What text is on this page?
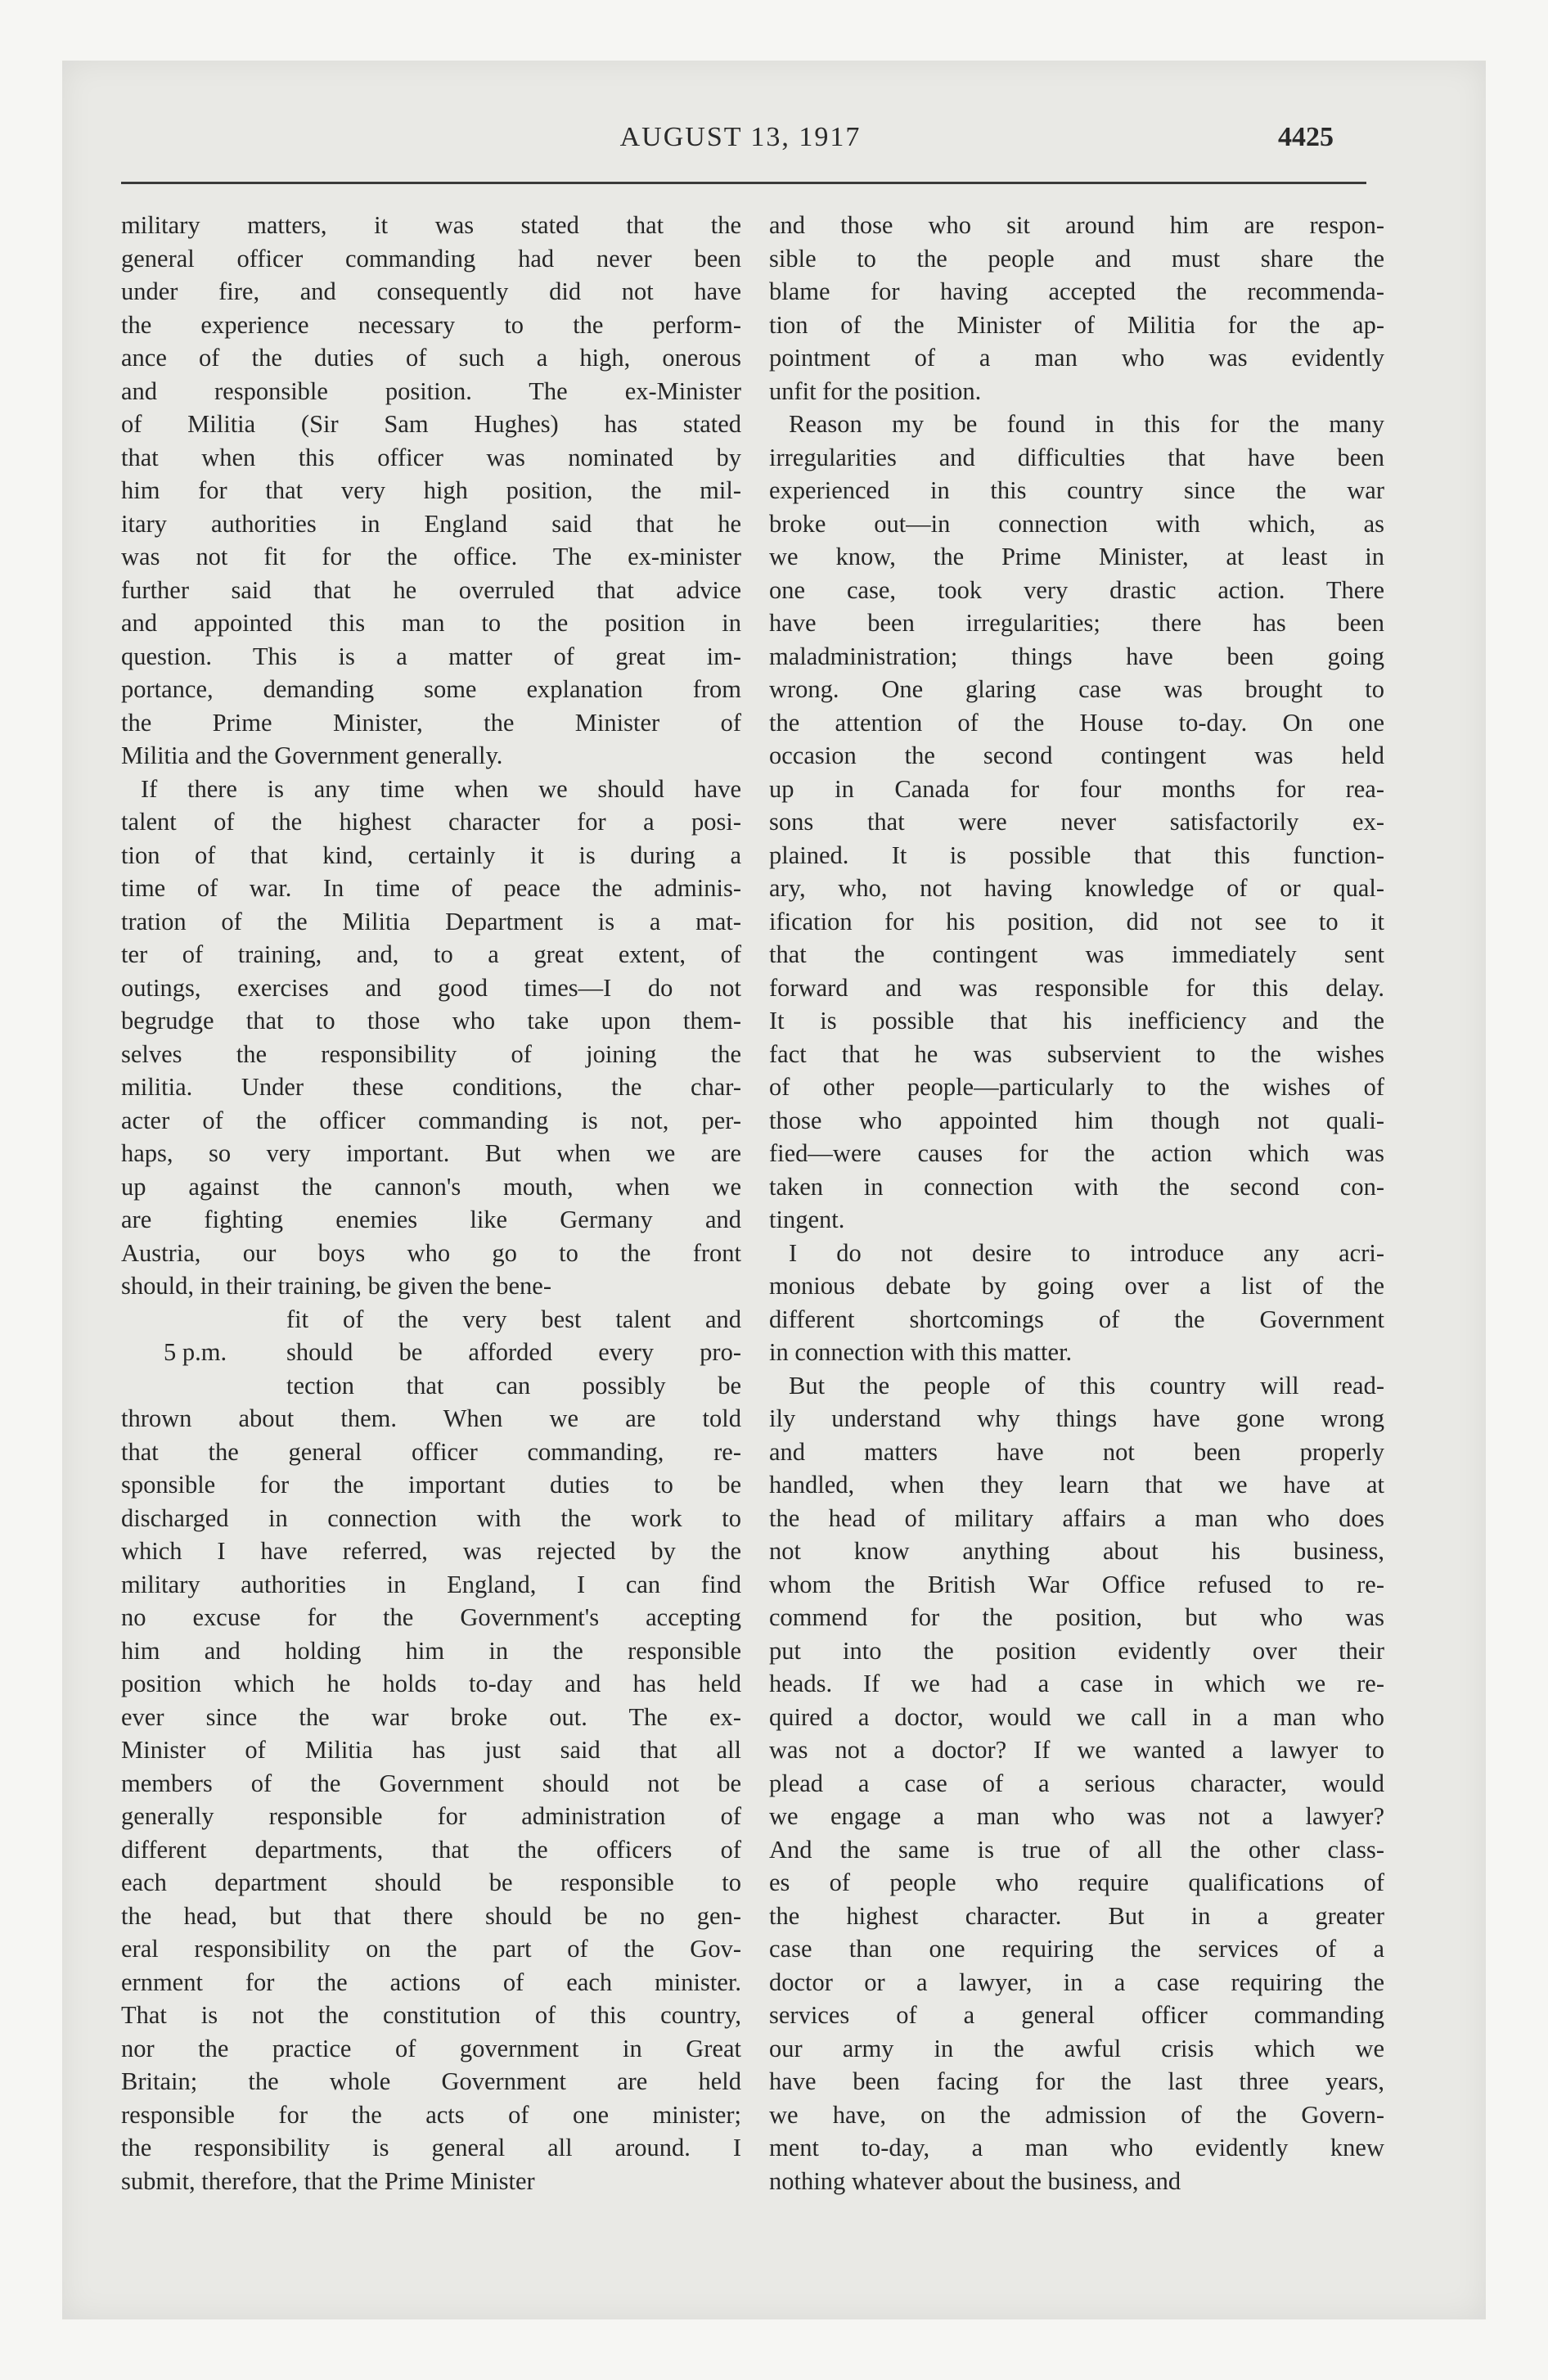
AUGUST 13, 1917	4425

military matters, it was stated that the
general officer commanding had never been
under fire, and consequently did not have
the experience necessary to the perform-
ance of the duties of such a high, onerous
and responsible position. The ex-Minister
of Militia (Sir Sam Hughes) has stated
that when this officer was nominated by
him for that very high position, the mil-
itary authorities in England said that he
was not fit for the office. The ex-minister
further said that he overruled that advice
and appointed this man to the position in
question. This is a matter of great im-
portance, demanding some explanation from
the Prime Minister, the Minister of
Militia and the Government generally.

If there is any time when we should have
talent of the highest character for a posi-
tion of that kind, certainly it is during a
time of war. In time of peace the adminis-
tration of the Militia Department is a mat-
ter of training, and, to a great extent, of
outings, exercises and good times—I do not
begrudge that to those who take upon them-
selves the responsibility of joining the
militia. Under these conditions, the char-
acter of the officer commanding is not, per-
haps, so very important. But when we are
up against the cannon's mouth, when we
are fighting enemies like Germany and
Austria, our boys who go to the front
should, in their training, be given the bene-

fit of the very best talent and
5 p.m.	should be afforded every pro-
tection that can possibly be

thrown about them. When we are told
that the general officer commanding, re-
sponsible for the important duties to be
discharged in connection with the work to
which I have referred, was rejected by the
military authorities in England, I can find
no excuse for the Government's accepting
him and holding him in the responsible
position which he holds to-day and has held
ever since the war broke out. The ex-
Minister of Militia has just said that all
members of the Government should not be
generally responsible for administration of
different departments, that the officers of
each department should be responsible to
the head, but that there should be no gen-
eral responsibility on the part of the Gov-
ernment for the actions of each minister.
That is not the constitution of this country,
nor the practice of government in Great
Britain; the whole Government are held
responsible for the acts of one minister;
the responsibility is general all around. I
submit, therefore, that the Prime Minister

and those who sit around him are respon-
sible to the people and must share the
blame for having accepted the recommenda-
tion of the Minister of Militia for the ap-
pointment of a man who was evidently
unfit for the position.

Reason my be found in this for the many
irregularities and difficulties that have been
experienced in this country since the war
broke out—in connection with which, as
we know, the Prime Minister, at least in
one case, took very drastic action. There
have been irregularities; there has been
maladministration; things have been going
wrong. One glaring case was brought to
the attention of the House to-day. On one
occasion the second contingent was held
up in Canada for four months for rea-
sons that were never satisfactorily ex-
plained. It is possible that this function-
ary, who, not having knowledge of or qual-
ification for his position, did not see to it
that the contingent was immediately sent
forward and was responsible for this delay.
It is possible that his inefficiency and the
fact that he was subservient to the wishes
of other people—particularly to the wishes of
those who appointed him though not quali-
fied—were causes for the action which was
taken in connection with the second con-
tingent.

I do not desire to introduce any acri-
monious debate by going over a list of the
different shortcomings of the Government
in connection with this matter.

But the people of this country will read-
ily understand why things have gone wrong
and matters have not been properly
handled, when they learn that we have at
the head of military affairs a man who does
not know anything about his business,
whom the British War Office refused to re-
commend for the position, but who was
put into the position evidently over their
heads. If we had a case in which we re-
quired a doctor, would we call in a man who
was not a doctor? If we wanted a lawyer to
plead a case of a serious character, would
we engage a man who was not a lawyer?
And the same is true of all the other class-
es of people who require qualifications of
the highest character. But in a greater
case than one requiring the services of a
doctor or a lawyer, in a case requiring the
services of a general officer commanding
our army in the awful crisis which we
have been facing for the last three years,
we have, on the admission of the Govern-
ment to-day, a man who evidently knew
nothing whatever about the business, and
